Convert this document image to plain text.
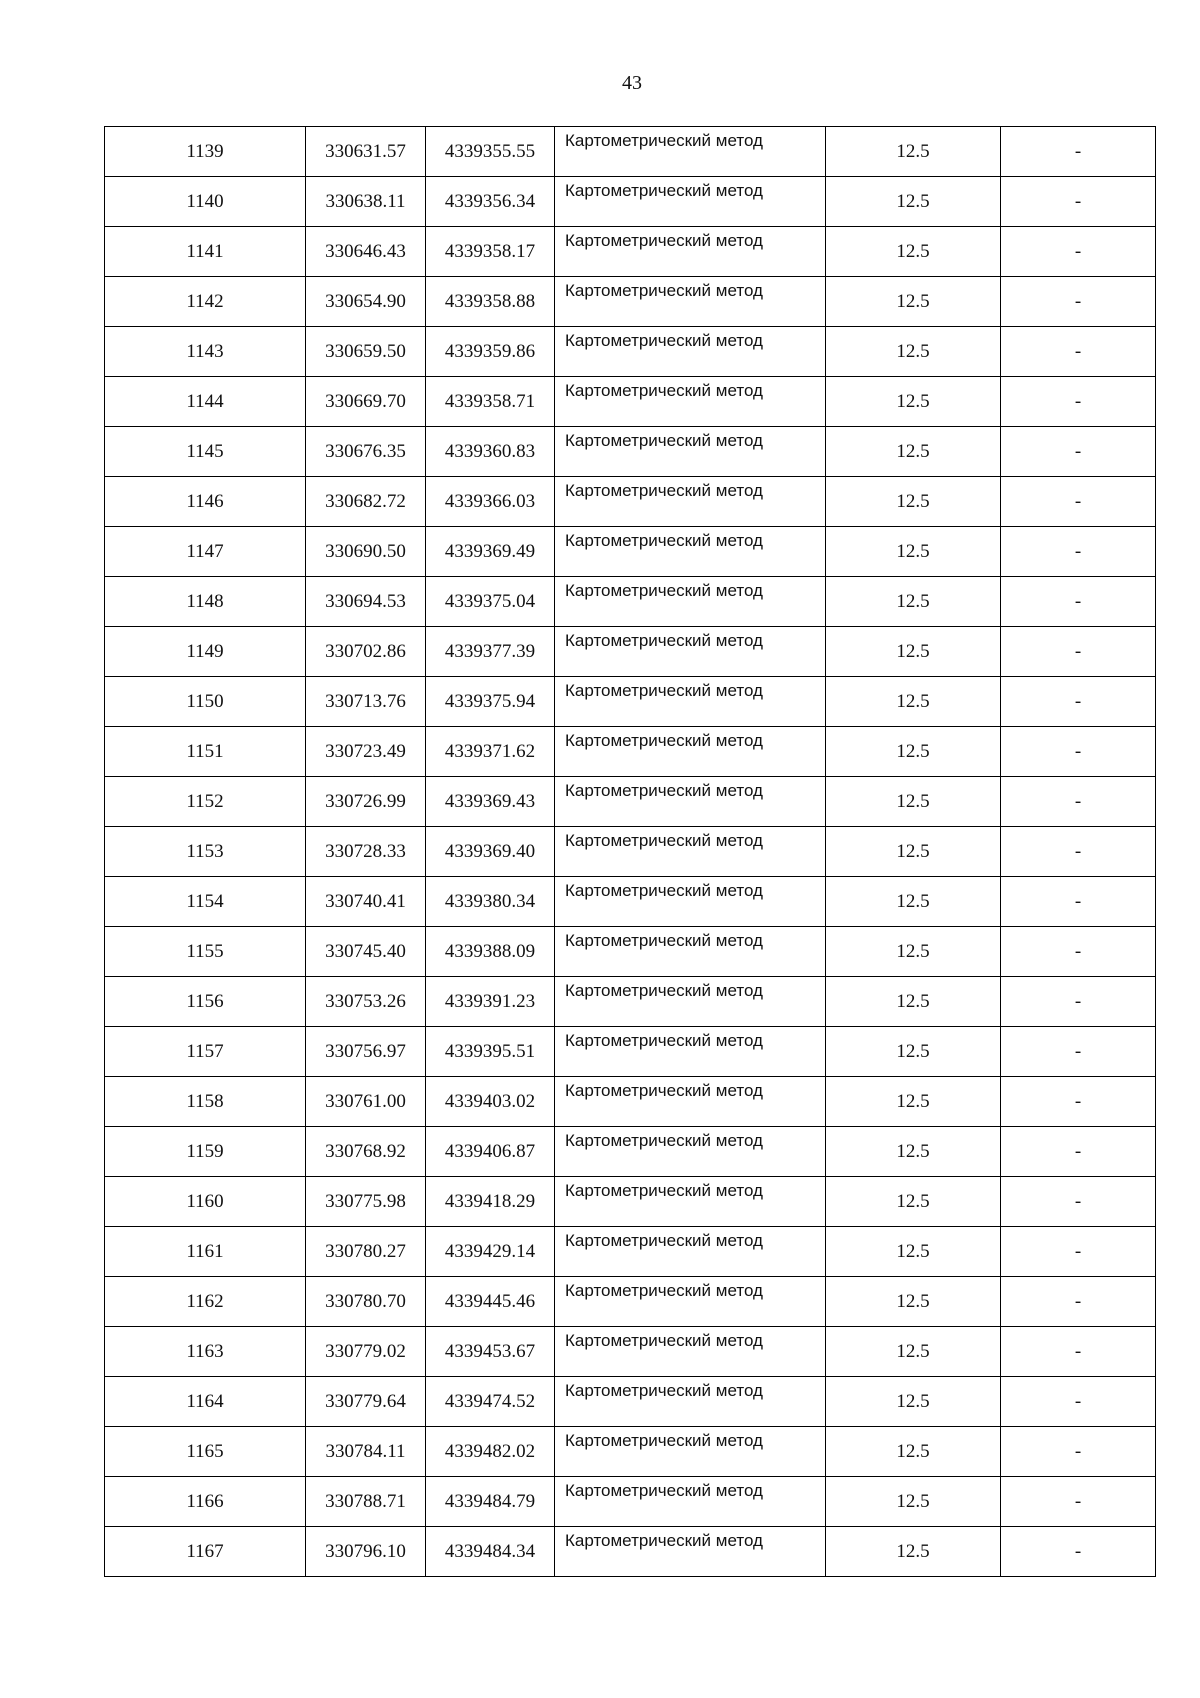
43
1139	330631.57	4339355.55	Картометрический метод	12.5	-
1140	330638.11	4339356.34	Картометрический метод	12.5	-
1141	330646.43	4339358.17	Картометрический метод	12.5	-
1142	330654.90	4339358.88	Картометрический метод	12.5	-
1143	330659.50	4339359.86	Картометрический метод	12.5	-
1144	330669.70	4339358.71	Картометрический метод	12.5	-
1145	330676.35	4339360.83	Картометрический метод	12.5	-
1146	330682.72	4339366.03	Картометрический метод	12.5	-
1147	330690.50	4339369.49	Картометрический метод	12.5	-
1148	330694.53	4339375.04	Картометрический метод	12.5	-
1149	330702.86	4339377.39	Картометрический метод	12.5	-
1150	330713.76	4339375.94	Картометрический метод	12.5	-
1151	330723.49	4339371.62	Картометрический метод	12.5	-
1152	330726.99	4339369.43	Картометрический метод	12.5	-
1153	330728.33	4339369.40	Картометрический метод	12.5	-
1154	330740.41	4339380.34	Картометрический метод	12.5	-
1155	330745.40	4339388.09	Картометрический метод	12.5	-
1156	330753.26	4339391.23	Картометрический метод	12.5	-
1157	330756.97	4339395.51	Картометрический метод	12.5	-
1158	330761.00	4339403.02	Картометрический метод	12.5	-
1159	330768.92	4339406.87	Картометрический метод	12.5	-
1160	330775.98	4339418.29	Картометрический метод	12.5	-
1161	330780.27	4339429.14	Картометрический метод	12.5	-
1162	330780.70	4339445.46	Картометрический метод	12.5	-
1163	330779.02	4339453.67	Картометрический метод	12.5	-
1164	330779.64	4339474.52	Картометрический метод	12.5	-
1165	330784.11	4339482.02	Картометрический метод	12.5	-
1166	330788.71	4339484.79	Картометрический метод	12.5	-
1167	330796.10	4339484.34	Картометрический метод	12.5	-
